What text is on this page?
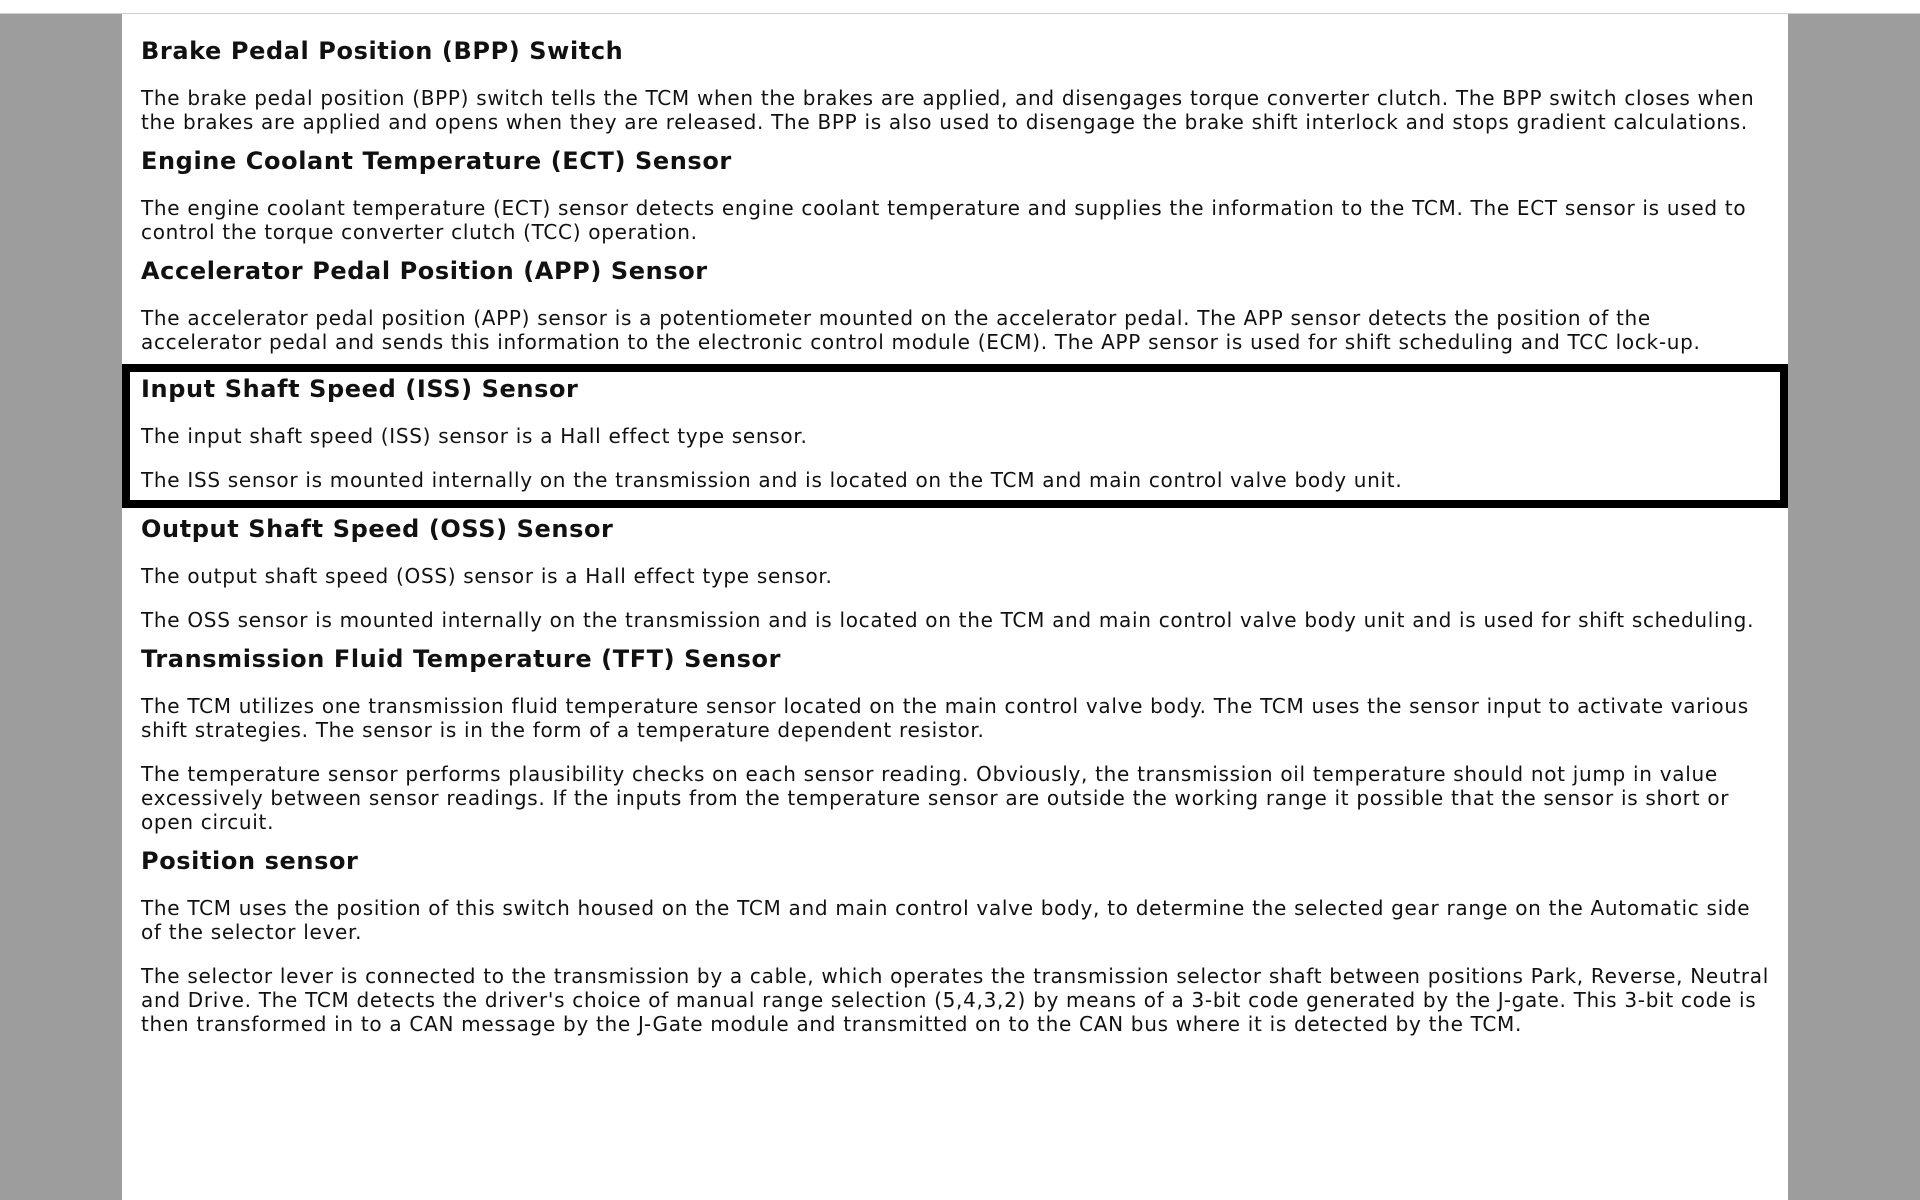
Brake Pedal Position (BPP) Switch

The brake pedal position (BPP) switch tells the TCM when the brakes are applied, and disengages torque converter clutch. The BPP switch closes when the brakes are applied and opens when they are released. The BPP is also used to disengage the brake shift interlock and stops gradient calculations.

Engine Coolant Temperature (ECT) Sensor

The engine coolant temperature (ECT) sensor detects engine coolant temperature and supplies the information to the TCM. The ECT sensor is used to control the torque converter clutch (TCC) operation.

Accelerator Pedal Position (APP) Sensor

The accelerator pedal position (APP) sensor is a potentiometer mounted on the accelerator pedal. The APP sensor detects the position of the accelerator pedal and sends this information to the electronic control module (ECM). The APP sensor is used for shift scheduling and TCC lock-up.

Input Shaft Speed (ISS) Sensor

The input shaft speed (ISS) sensor is a Hall effect type sensor.

The ISS sensor is mounted internally on the transmission and is located on the TCM and main control valve body unit.

Output Shaft Speed (OSS) Sensor

The output shaft speed (OSS) sensor is a Hall effect type sensor.

The OSS sensor is mounted internally on the transmission and is located on the TCM and main control valve body unit and is used for shift scheduling.

Transmission Fluid Temperature (TFT) Sensor

The TCM utilizes one transmission fluid temperature sensor located on the main control valve body. The TCM uses the sensor input to activate various shift strategies. The sensor is in the form of a temperature dependent resistor.

The temperature sensor performs plausibility checks on each sensor reading. Obviously, the transmission oil temperature should not jump in value excessively between sensor readings. If the inputs from the temperature sensor are outside the working range it possible that the sensor is short or open circuit.

Position sensor

The TCM uses the position of this switch housed on the TCM and main control valve body, to determine the selected gear range on the Automatic side of the selector lever.

The selector lever is connected to the transmission by a cable, which operates the transmission selector shaft between positions Park, Reverse, Neutral and Drive. The TCM detects the driver's choice of manual range selection (5,4,3,2) by means of a 3-bit code generated by the J-gate. This 3-bit code is then transformed in to a CAN message by the J-Gate module and transmitted on to the CAN bus where it is detected by the TCM.
